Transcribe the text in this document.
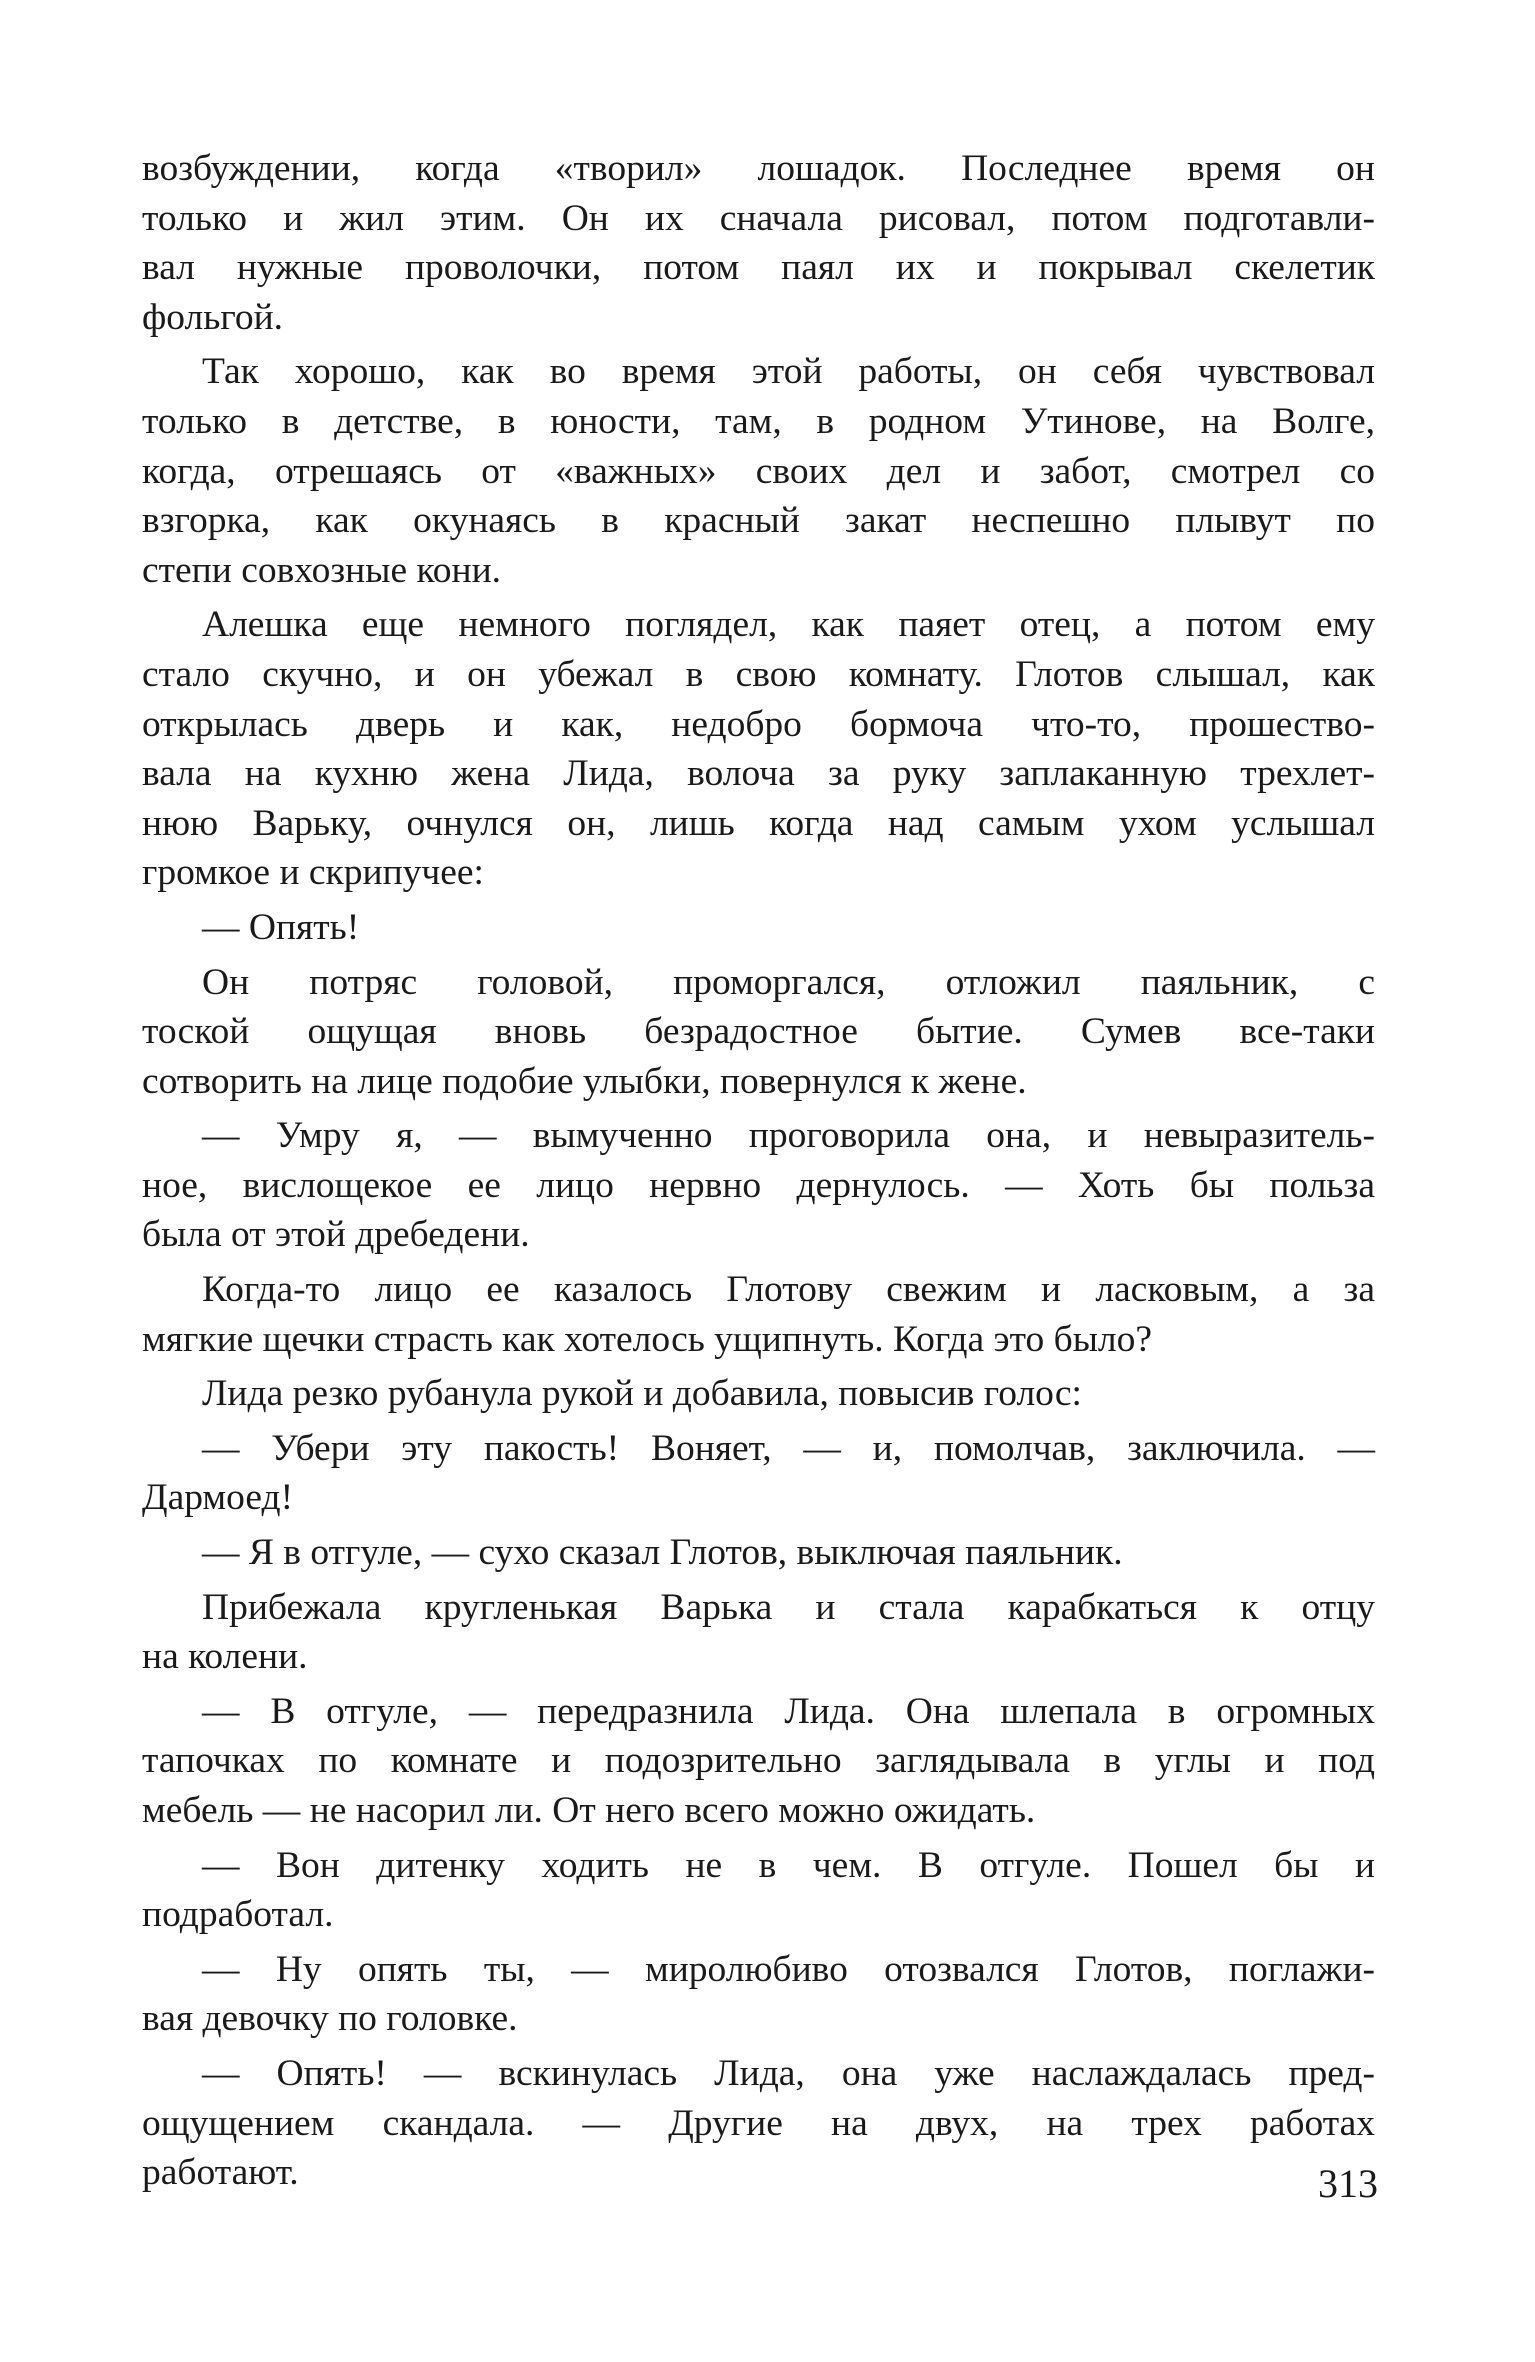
возбуждении, когда «творил» лошадок. Последнее время он
только и жил этим. Он их сначала рисовал, потом подготавли-
вал нужные проволочки, потом паял их и покрывал скелетик
фольгой.
Так хорошо, как во время этой работы, он себя чувствовал
только в детстве, в юности, там, в родном Утинове, на Волге,
когда, отрешаясь от «важных» своих дел и забот, смотрел со
взгорка, как окунаясь в красный закат неспешно плывут по
степи совхозные кони.
Алешка еще немного поглядел, как паяет отец, а потом ему
стало скучно, и он убежал в свою комнату. Глотов слышал, как
открылась дверь и как, недобро бормоча что-то, прошество-
вала на кухню жена Лида, волоча за руку заплаканную трехлет-
нюю Варьку, очнулся он, лишь когда над самым ухом услышал
громкое и скрипучее:
— Опять!
Он потряс головой, проморгался, отложил паяльник, с
тоской ощущая вновь безрадостное бытие. Сумев все-таки
сотворить на лице подобие улыбки, повернулся к жене.
— Умру я, — вымученно проговорила она, и невыразитель-
ное, вислощекое ее лицо нервно дернулось. — Хоть бы польза
была от этой дребедени.
Когда-то лицо ее казалось Глотову свежим и ласковым, а за
мягкие щечки страсть как хотелось ущипнуть. Когда это было?
Лида резко рубанула рукой и добавила, повысив голос:
— Убери эту пакость! Воняет, — и, помолчав, заключила. —
Дармоед!
— Я в отгуле, — сухо сказал Глотов, выключая паяльник.
Прибежала кругленькая Варька и стала карабкаться к отцу
на колени.
— В отгуле, — передразнила Лида. Она шлепала в огромных
тапочках по комнате и подозрительно заглядывала в углы и под
мебель — не насорил ли. От него всего можно ожидать.
— Вон дитенку ходить не в чем. В отгуле. Пошел бы и
подработал.
— Ну опять ты, — миролюбиво отозвался Глотов, поглажи-
вая девочку по головке.
— Опять! — вскинулась Лида, она уже наслаждалась пред-
ощущением скандала. — Другие на двух, на трех работах
работают.	313
